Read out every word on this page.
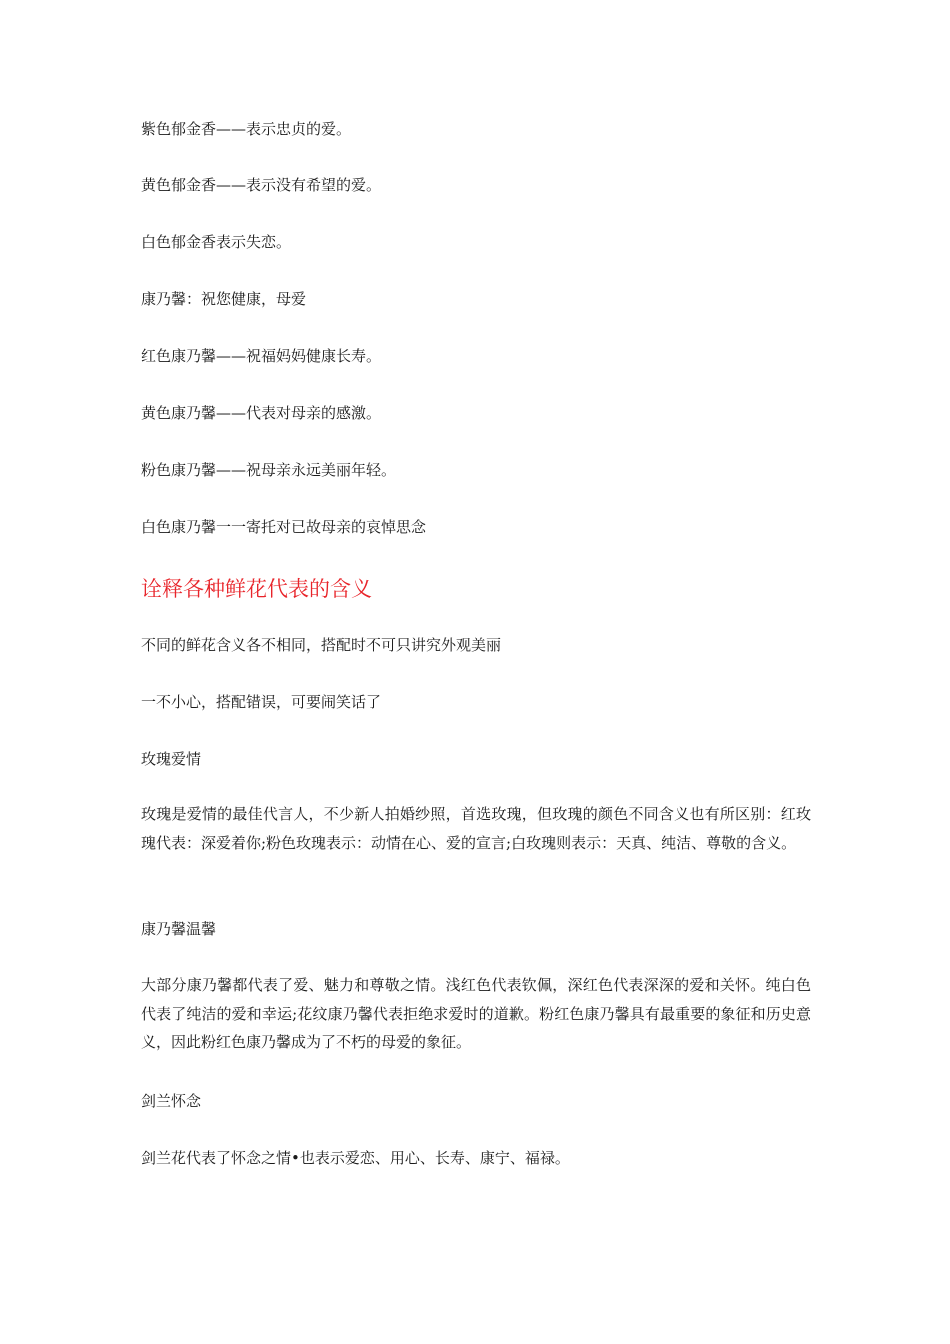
紫色郁金香——表示忠贞的爱。
黄色郁金香——表示没有希望的爱。
白色郁金香表示失恋。
康乃馨：祝您健康，母爱
红色康乃馨——祝福妈妈健康长寿。
黄色康乃馨——代表对母亲的感激。
粉色康乃馨——祝母亲永远美丽年轻。
白色康乃馨一一寄托对已故母亲的哀悼思念
诠释各种鲜花代表的含义
不同的鲜花含义各不相同，搭配时不可只讲究外观美丽
一不小心，搭配错误，可要闹笑话了
玫瑰爱情
玫瑰是爱情的最佳代言人，不少新人拍婚纱照，首选玫瑰，但玫瑰的颜色不同含义也有所区别：红玫瑰代表：深爱着你;粉色玫瑰表示：动情在心、爱的宣言;白玫瑰则表示：天真、纯洁、尊敬的含义。
康乃馨温馨
大部分康乃馨都代表了爱、魅力和尊敬之情。浅红色代表钦佩，深红色代表深深的爱和关怀。纯白色代表了纯洁的爱和幸运;花纹康乃馨代表拒绝求爱时的道歉。粉红色康乃馨具有最重要的象征和历史意义，因此粉红色康乃馨成为了不朽的母爱的象征。
剑兰怀念
剑兰花代表了怀念之情•也表示爱恋、用心、长寿、康宁、福禄。
